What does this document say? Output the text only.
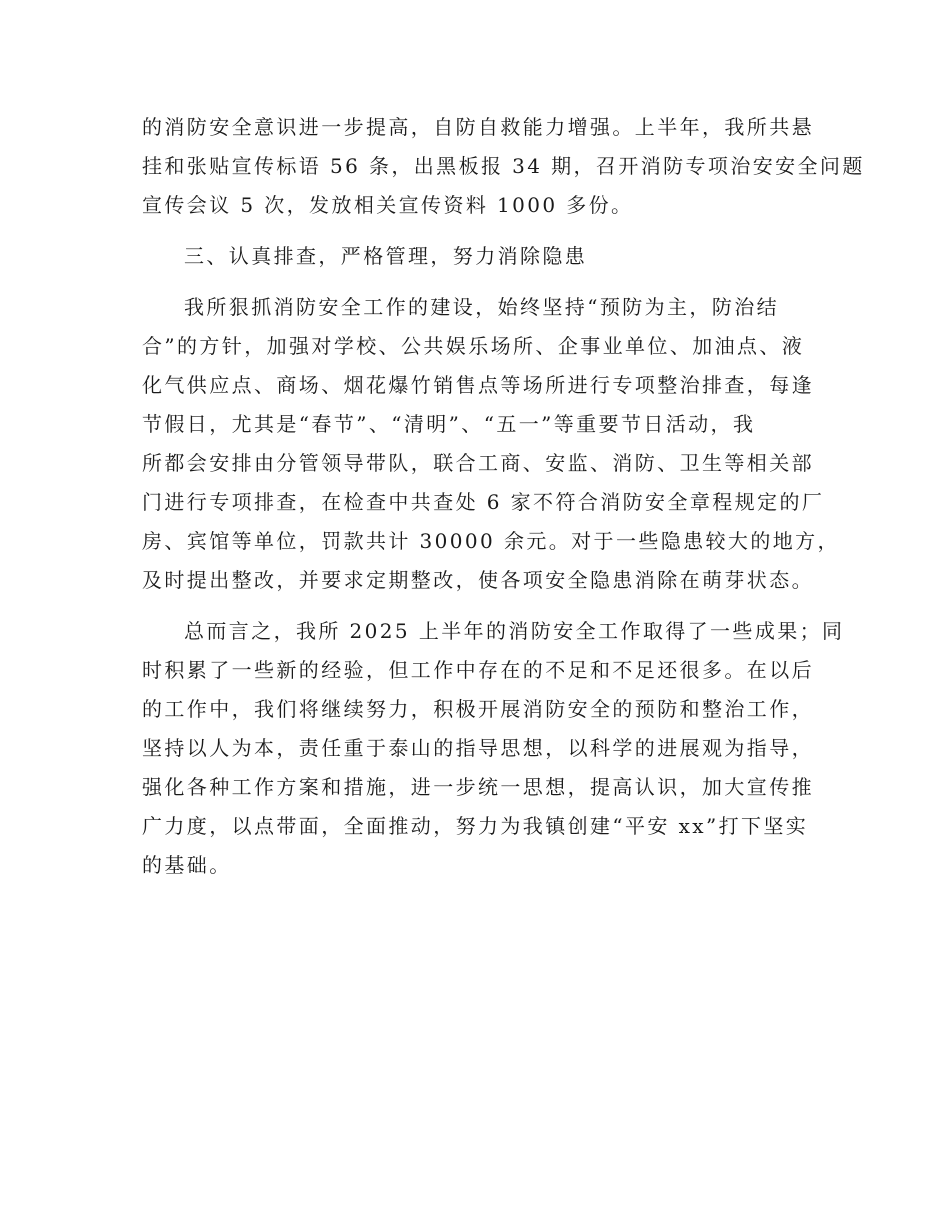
的消防安全意识进一步提高，自防自救能力增强。上半年，我所共悬
挂和张贴宣传标语 56 条，出黑板报 34 期，召开消防专项治安安全问题
宣传会议 5 次，发放相关宣传资料 1000 多份。
三、认真排查，严格管理，努力消除隐患
我所狠抓消防安全工作的建设，始终坚持“预防为主，防治结
合”的方针，加强对学校、公共娱乐场所、企事业单位、加油点、液
化气供应点、商场、烟花爆竹销售点等场所进行专项整治排查，每逢
节假日，尤其是“春节”、“清明”、“五一”等重要节日活动，我
所都会安排由分管领导带队，联合工商、安监、消防、卫生等相关部
门进行专项排查，在检查中共查处 6 家不符合消防安全章程规定的厂
房、宾馆等单位，罚款共计 30000 余元。对于一些隐患较大的地方，
及时提出整改，并要求定期整改，使各项安全隐患消除在萌芽状态。
总而言之，我所 2025 上半年的消防安全工作取得了一些成果；同
时积累了一些新的经验，但工作中存在的不足和不足还很多。在以后
的工作中，我们将继续努力，积极开展消防安全的预防和整治工作，
坚持以人为本，责任重于泰山的指导思想，以科学的进展观为指导，
强化各种工作方案和措施，进一步统一思想，提高认识，加大宣传推
广力度，以点带面，全面推动，努力为我镇创建“平安 xx”打下坚实
的基础。
